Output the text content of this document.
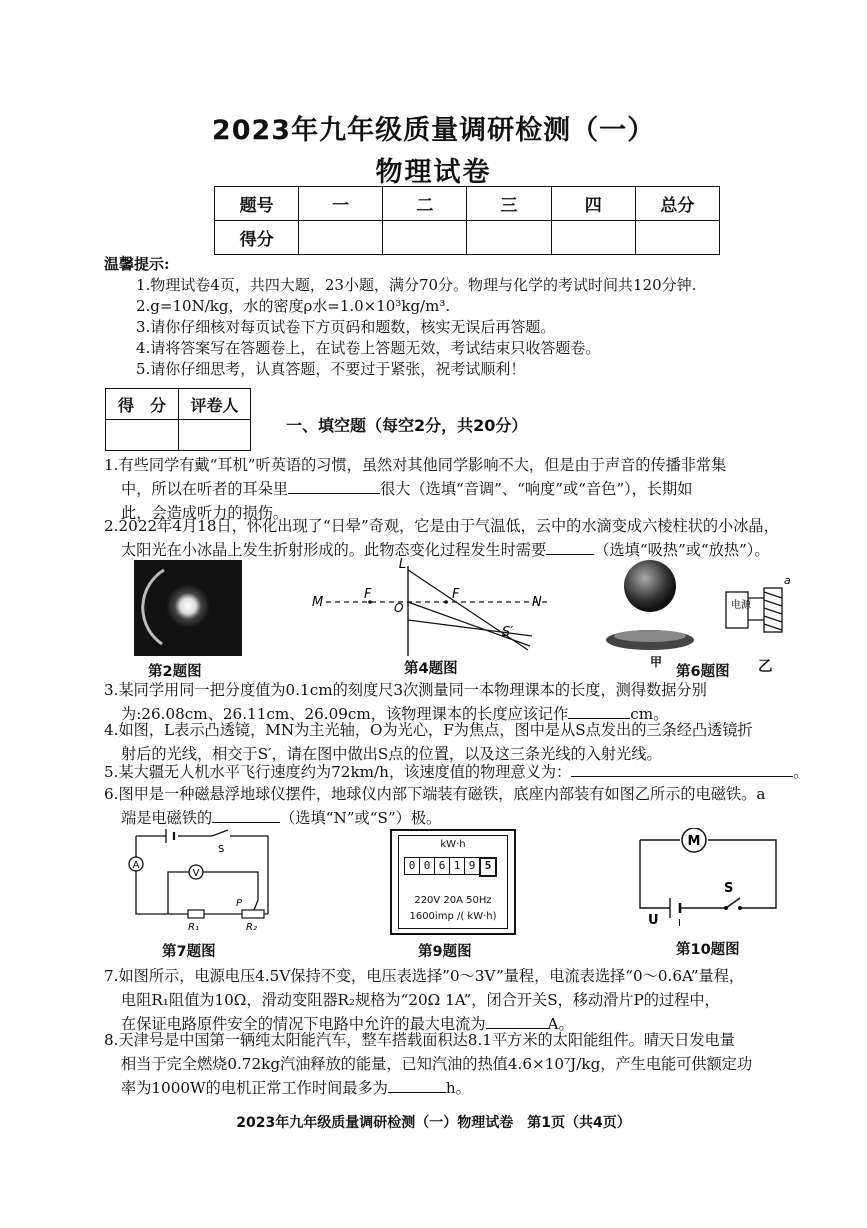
2023年九年级质量调研检测（一）
物理试卷
题号	一	二	三	四	总分
得分					
温馨提示:
1.物理试卷4页，共四大题，23小题，满分70分。物理与化学的考试时间共120分钟.
2.g=10N/kg，水的密度ρ水=1.0×10³kg/m³.
3.请你仔细核对每页试卷下方页码和题数，核实无误后再答题。
4.请将答案写在答题卷上，在试卷上答题无效，考试结束只收答题卷。
5.请你仔细思考，认真答题，不要过于紧张，祝考试顺利！
得　分	评卷人

一、填空题（每空2分，共20分）
1.有些同学有戴“耳机”听英语的习惯，虽然对其他同学影响不大，但是由于声音的传播非常集
中，所以在听者的耳朵里	很大（选填“音调”、“响度”或“音色”），长期如
此，会造成听力的损伤。
2.2022年4月18日，怀化出现了“日晕”奇观，它是由于气温低，云中的水滴变成六棱柱状的小冰晶，
太阳光在小冰晶上发生折射形成的。此物态变化过程发生时需要	（选填“吸热”或“放热”）。
第2题图
L
M
F
O
F
N
S′
第4题图
电源
a
甲
第6题图 乙
3.某同学用同一把分度值为0.1cm的刻度尺3次测量同一本物理课本的长度，测得数据分别
为:26.08cm、26.11cm、26.09cm，该物理课本的长度应该记作	cm。
4.如图，L表示凸透镜，MN为主光轴，O为光心，F为焦点，图中是从S点发出的三条经凸透镜折
射后的光线，相交于S′，请在图中做出S点的位置，以及这三条光线的入射光线。
5.某大疆无人机水平飞行速度约为72km/h，该速度值的物理意义为：	。
6.图甲是一种磁悬浮地球仪摆件，地球仪内部下端装有磁铁，底座内部装有如图乙所示的电磁铁。a
端是电磁铁的	（选填“N”或“S”）极。
A
V
S
P
R₁	R₂
第7题图
kW·h
0 0 6 1 9 5
220V 20A 50Hz
1600imp /( kW·h)
第9题图
M
S
U I
第10题图
7.如图所示，电源电压4.5V保持不变，电压表选择”0～3V”量程，电流表选择“0～0.6A”量程，
电阻R₁阻值为10Ω，滑动变阻器R₂规格为“20Ω 1A”，闭合开关S，移动滑片P的过程中，
在保证电路原件安全的情况下电路中允许的最大电流为	A。
8.天津号是中国第一辆纯太阳能汽车，整车搭载面积达8.1平方米的太阳能组件。晴天日发电量
相当于完全燃烧0.72kg汽油释放的能量，已知汽油的热值4.6×10⁷J/kg，产生电能可供额定功
率为1000W的电机正常工作时间最多为	h。
2023年九年级质量调研检测（一）物理试卷　第1页（共4页）
